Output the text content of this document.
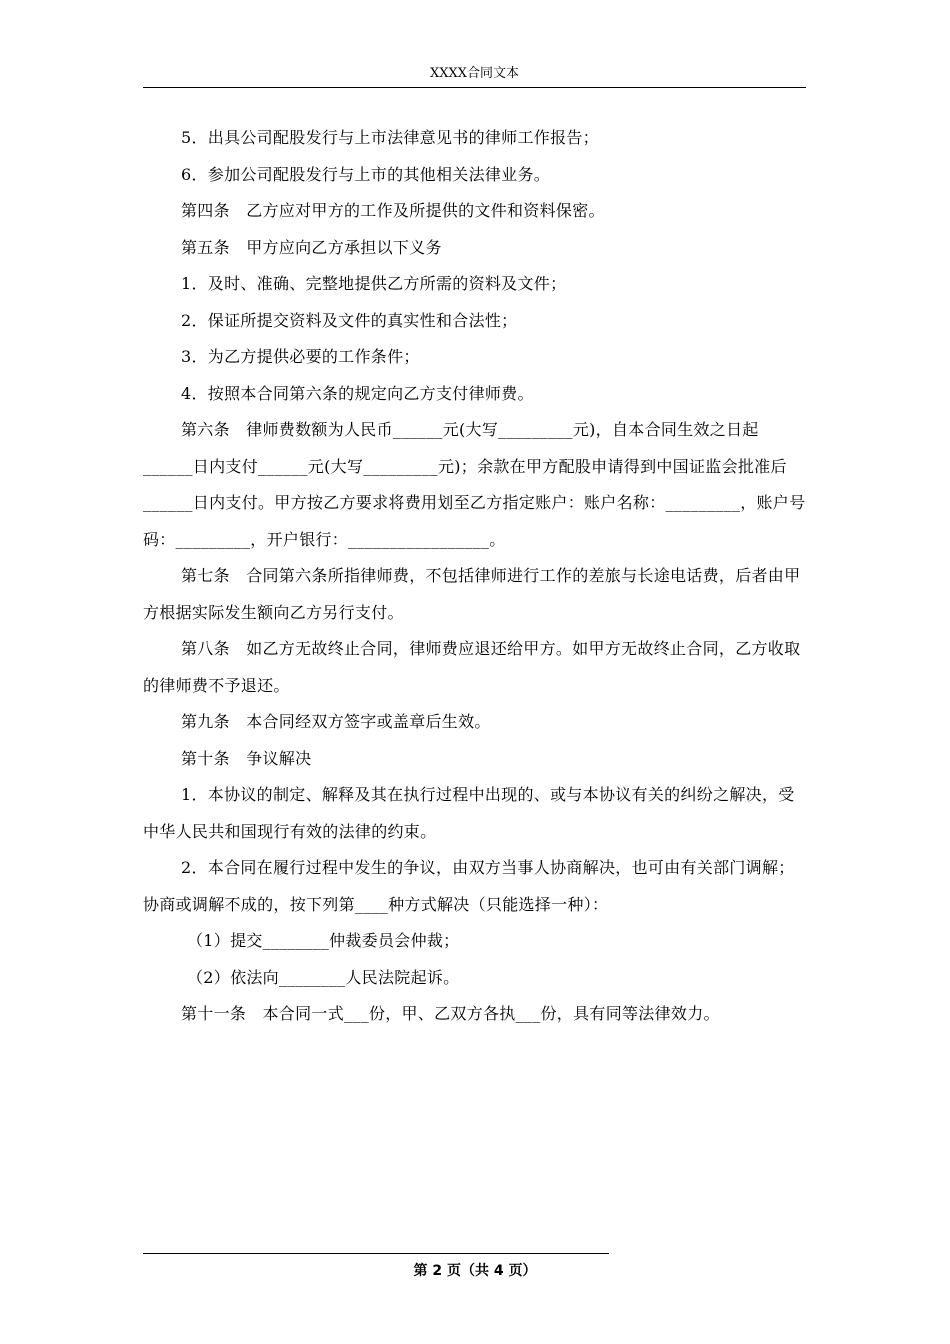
XXXX合同文本

5．出具公司配股发行与上市法律意见书的律师工作报告；

6．参加公司配股发行与上市的其他相关法律业务。

第四条　乙方应对甲方的工作及所提供的文件和资料保密。

第五条　甲方应向乙方承担以下义务

1．及时、准确、完整地提供乙方所需的资料及文件；

2．保证所提交资料及文件的真实性和合法性；

3．为乙方提供必要的工作条件；

4．按照本合同第六条的规定向乙方支付律师费。

第六条　律师费数额为人民币______元(大写_________元)，自本合同生效之日起______日内支付______元(大写_________元)；余款在甲方配股申请得到中国证监会批准后______日内支付。甲方按乙方要求将费用划至乙方指定账户：账户名称：_________，账户号码：_________，开户银行：_________________。

第七条　合同第六条所指律师费，不包括律师进行工作的差旅与长途电话费，后者由甲方根据实际发生额向乙方另行支付。

第八条　如乙方无故终止合同，律师费应退还给甲方。如甲方无故终止合同，乙方收取的律师费不予退还。

第九条　本合同经双方签字或盖章后生效。

第十条　争议解决

1．本协议的制定、解释及其在执行过程中出现的、或与本协议有关的纠纷之解决，受中华人民共和国现行有效的法律的约束。

2．本合同在履行过程中发生的争议，由双方当事人协商解决，也可由有关部门调解；协商或调解不成的，按下列第____种方式解决（只能选择一种）：

（1）提交________仲裁委员会仲裁；

（2）依法向________人民法院起诉。

第十一条　本合同一式___份，甲、乙双方各执___份，具有同等法律效力。

第 2 页（共 4 页）
